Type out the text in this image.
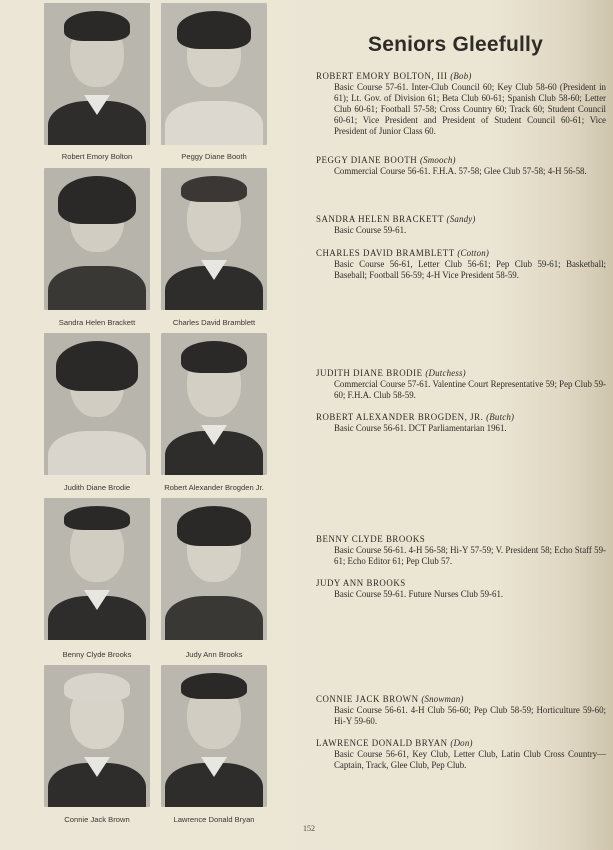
Robert Emory Bolton	Peggy Diane Booth
Sandra Helen Brackett	Charles David Bramblett
Judith Diane Brodie	Robert Alexander Brogden Jr.
Benny Clyde Brooks	Judy Ann Brooks
Connie Jack Brown	Lawrence Donald Bryan
Seniors Gleefully
ROBERT EMORY BOLTON, III (Bob)
Basic Course 57-61. Inter-Club Council 60; Key Club 58-60 (President in 61); Lt. Gov. of Division 61; Beta Club 60-61; Spanish Club 58-60; Letter Club 60-61; Football 57-58; Cross Country 60; Track 60; Student Council 60-61; Vice President and President of Student Council 60-61; Vice President of Junior Class 60.
PEGGY DIANE BOOTH (Smooch)
Commercial Course 56-61. F.H.A. 57-58; Glee Club 57-58; 4-H 56-58.
SANDRA HELEN BRACKETT (Sandy)
Basic Course 59-61.
CHARLES DAVID BRAMBLETT (Cotton)
Basic Course 56-61, Letter Club 56-61; Pep Club 59-61; Basketball; Baseball; Football 56-59; 4-H Vice President 58-59.
JUDITH DIANE BRODIE (Dutchess)
Commercial Course 57-61. Valentine Court Representative 59; Pep Club 59-60; F.H.A. Club 58-59.
ROBERT ALEXANDER BROGDEN, JR. (Butch)
Basic Course 56-61. DCT Parliamentarian 1961.
BENNY CLYDE BROOKS
Basic Course 56-61. 4-H 56-58; Hi-Y 57-59; V. President 58; Echo Staff 59-61; Echo Editor 61; Pep Club 57.
JUDY ANN BROOKS
Basic Course 59-61. Future Nurses Club 59-61.
CONNIE JACK BROWN (Snowman)
Basic Course 56-61. 4-H Club 56-60; Pep Club 58-59; Horticulture 59-60; Hi-Y 59-60.
LAWRENCE DONALD BRYAN (Don)
Basic Course 56-61, Key Club, Letter Club, Latin Club Cross Country—Captain, Track, Glee Club, Pep Club.
152
